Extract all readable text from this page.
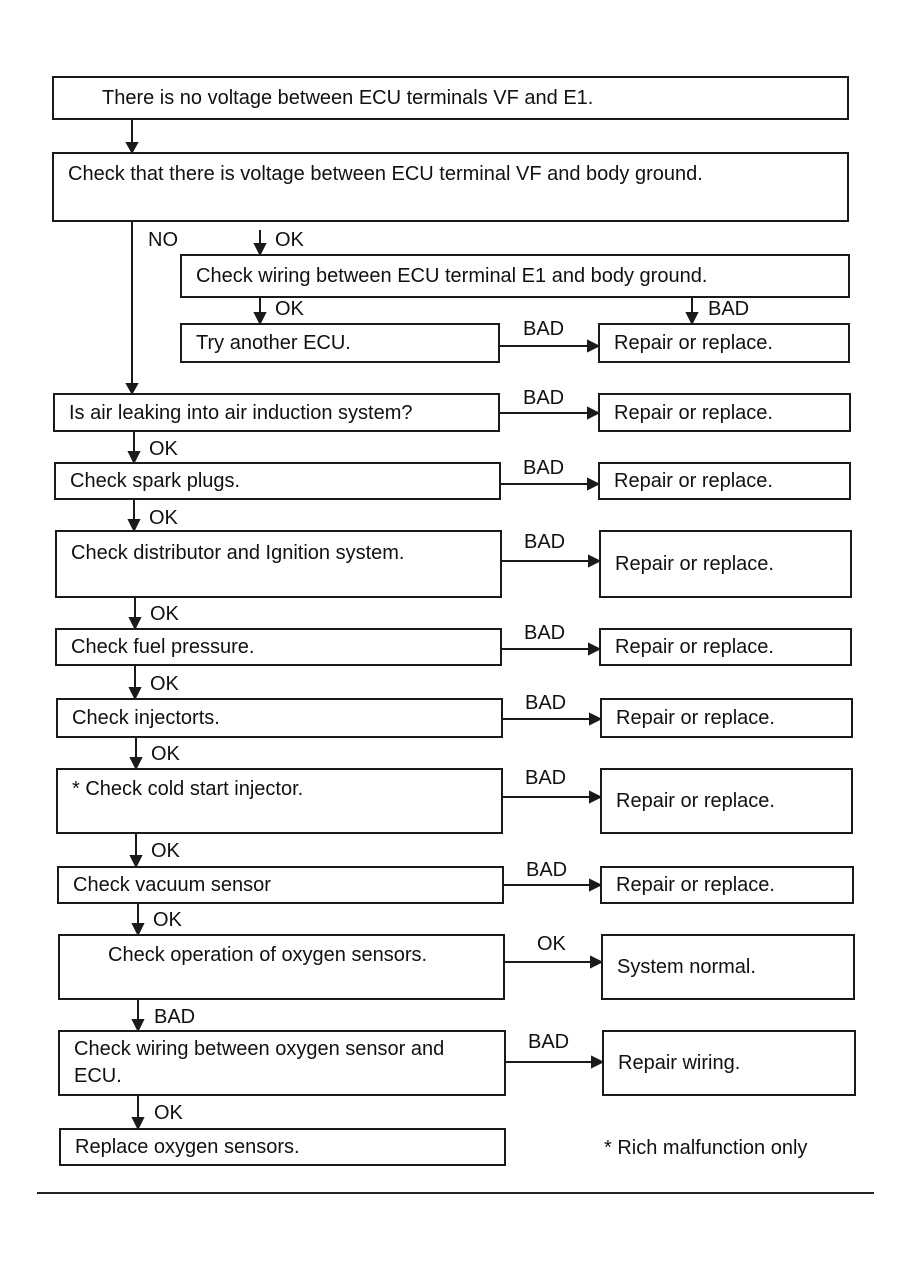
There is no voltage between ECU terminals VF and E1.
Check that there is voltage between ECU terminal VF and body ground.
Check wiring between ECU terminal E1 and body ground.
Try another ECU.
Is air leaking into air induction system?
Check spark plugs.
Check distributor and Ignition system.
Check fuel pressure.
Check injectorts.
* Check cold start injector.
Check vacuum sensor
Check operation of oxygen sensors.
Check wiring between oxygen sensor and ECU.
Replace oxygen sensors.
Repair or replace.
Repair or replace.
Repair or replace.
Repair or replace.
Repair or replace.
Repair or replace.
Repair or replace.
Repair or replace.
System normal.
Repair wiring.
NO	OK
OK	BAD
BAD
BAD
OK
BAD
OK
BAD
OK
BAD
OK
BAD
OK
BAD
OK
BAD
OK
OK
BAD
BAD
OK
* Rich malfunction only
